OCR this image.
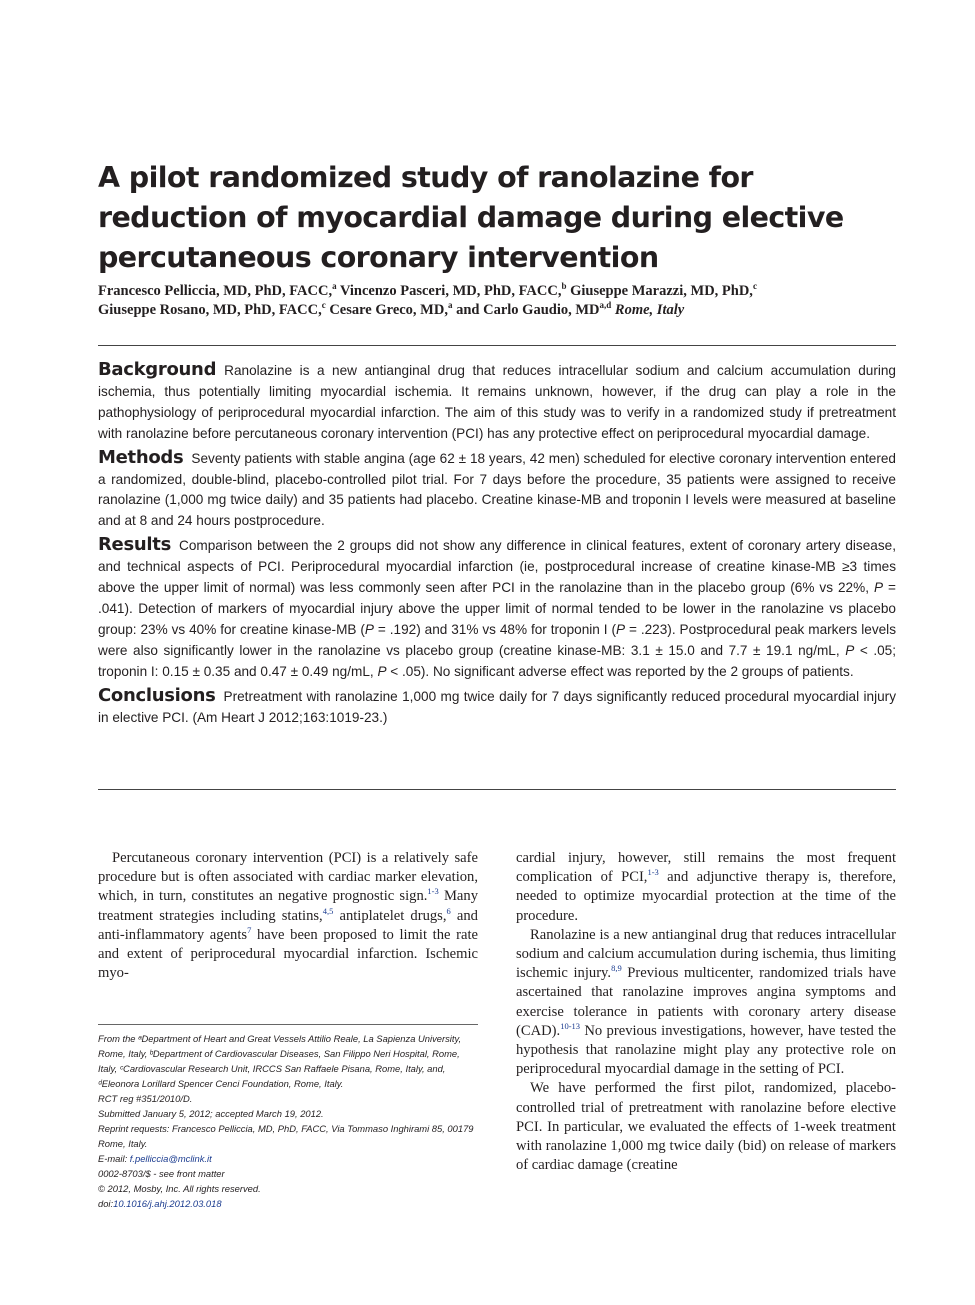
A pilot randomized study of ranolazine for reduction of myocardial damage during elective percutaneous coronary intervention

Francesco Pelliccia, MD, PhD, FACC,$^a$ Vincenzo Pasceri, MD, PhD, FACC,$^b$ Giuseppe Marazzi, MD, PhD,$^c$
Giuseppe Rosano, MD, PhD, FACC,$^c$ Cesare Greco, MD,$^a$ and Carlo Gaudio, MD$^{a,d}$ Rome, Italy

Background Ranolazine is a new antianginal drug that reduces intracellular sodium and calcium accumulation during ischemia, thus potentially limiting myocardial ischemia. It remains unknown, however, if the drug can play a role in the pathophysiology of periprocedural myocardial infarction. The aim of this study was to verify in a randomized study if pretreatment with ranolazine before percutaneous coronary intervention (PCI) has any protective effect on periprocedural myocardial damage.

Methods Seventy patients with stable angina (age 62 ± 18 years, 42 men) scheduled for elective coronary intervention entered a randomized, double-blind, placebo-controlled pilot trial. For 7 days before the procedure, 35 patients were assigned to receive ranolazine (1,000 mg twice daily) and 35 patients had placebo. Creatine kinase-MB and troponin I levels were measured at baseline and at 8 and 24 hours postprocedure.

Results Comparison between the 2 groups did not show any difference in clinical features, extent of coronary artery disease, and technical aspects of PCI. Periprocedural myocardial infarction (ie, postprocedural increase of creatine kinase-MB ≥3 times above the upper limit of normal) was less commonly seen after PCI in the ranolazine than in the placebo group (6% vs 22%, P = .041). Detection of markers of myocardial injury above the upper limit of normal tended to be lower in the ranolazine vs placebo group: 23% vs 40% for creatine kinase-MB (P = .192) and 31% vs 48% for troponin I (P = .223). Postprocedural peak markers levels were also significantly lower in the ranolazine vs placebo group (creatine kinase-MB: 3.1 ± 15.0 and 7.7 ± 19.1 ng/mL, P < .05; troponin I: 0.15 ± 0.35 and 0.47 ± 0.49 ng/mL, P < .05). No significant adverse effect was reported by the 2 groups of patients.

Conclusions Pretreatment with ranolazine 1,000 mg twice daily for 7 days significantly reduced procedural myocardial injury in elective PCI. (Am Heart J 2012;163:1019-23.)

Percutaneous coronary intervention (PCI) is a relatively safe procedure but is often associated with cardiac marker elevation, which, in turn, constitutes an negative prognostic sign.$^{1-3}$ Many treatment strategies including statins,$^{4,5}$ antiplatelet drugs,$^6$ and anti-inflammatory agents$^7$ have been proposed to limit the rate and extent of periprocedural myocardial infarction. Ischemic myo-

cardial injury, however, still remains the most frequent complication of PCI,$^{1-3}$ and adjunctive therapy is, therefore, needed to optimize myocardial protection at the time of the procedure.

Ranolazine is a new antianginal drug that reduces intracellular sodium and calcium accumulation during ischemia, thus limiting ischemic injury.$^{8,9}$ Previous multicenter, randomized trials have ascertained that ranolazine improves angina symptoms and exercise tolerance in patients with coronary artery disease (CAD).$^{10-13}$ No previous investigations, however, have tested the hypothesis that ranolazine might play any protective role on periprocedural myocardial damage in the setting of PCI.

We have performed the first pilot, randomized, placebo-controlled trial of pretreatment with ranolazine before elective PCI. In particular, we evaluated the effects of 1-week treatment with ranolazine 1,000 mg twice daily (bid) on release of markers of cardiac damage (creatine

From the ᵃDepartment of Heart and Great Vessels Attilio Reale, La Sapienza University, Rome, Italy, ᵇDepartment of Cardiovascular Diseases, San Filippo Neri Hospital, Rome, Italy, ᶜCardiovascular Research Unit, IRCCS San Raffaele Pisana, Rome, Italy, and, ᵈEleonora Lorillard Spencer Cenci Foundation, Rome, Italy.

RCT reg #351/2010/D.

Submitted January 5, 2012; accepted March 19, 2012.

Reprint requests: Francesco Pelliccia, MD, PhD, FACC, Via Tommaso Inghirami 85, 00179 Rome, Italy.

E-mail: f.pelliccia@mclink.it

0002-8703/$ - see front matter

© 2012, Mosby, Inc. All rights reserved.

doi:10.1016/j.ahj.2012.03.018
